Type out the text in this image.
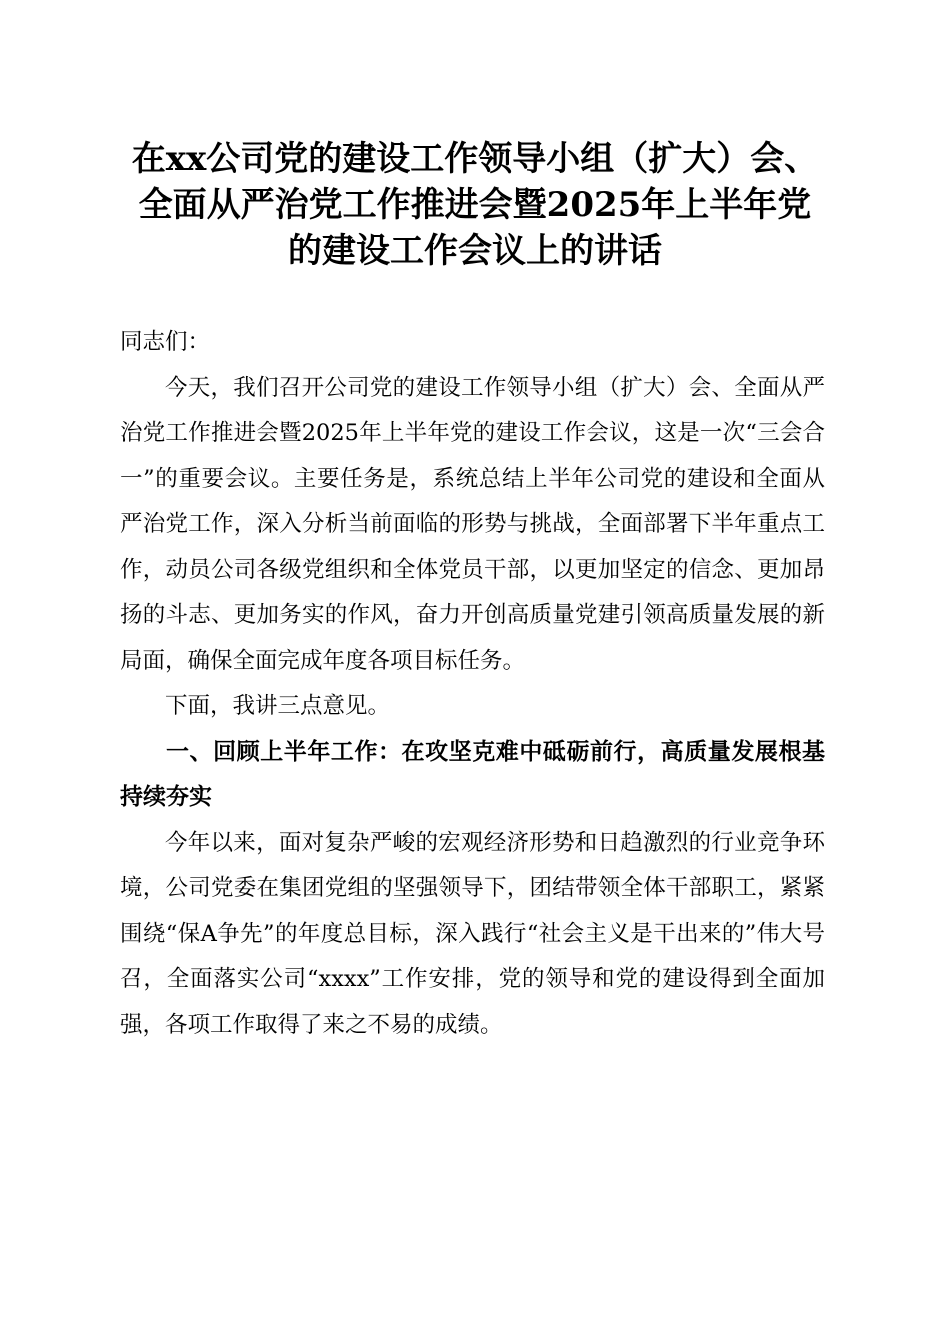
在xx公司党的建设工作领导小组（扩大）会、
全面从严治党工作推进会暨2025年上半年党
的建设工作会议上的讲话

同志们：

今天，我们召开公司党的建设工作领导小组（扩大）会、全面从严治党工作推进会暨2025年上半年党的建设工作会议，这是一次“三会合一”的重要会议。主要任务是，系统总结上半年公司党的建设和全面从严治党工作，深入分析当前面临的形势与挑战，全面部署下半年重点工作，动员公司各级党组织和全体党员干部，以更加坚定的信念、更加昂扬的斗志、更加务实的作风，奋力开创高质量党建引领高质量发展的新局面，确保全面完成年度各项目标任务。

下面，我讲三点意见。

一、回顾上半年工作：在攻坚克难中砥砺前行，高质量发展根基持续夯实

今年以来，面对复杂严峻的宏观经济形势和日趋激烈的行业竞争环境，公司党委在集团党组的坚强领导下，团结带领全体干部职工，紧紧围绕“保A争先”的年度总目标，深入践行“社会主义是干出来的”伟大号召，全面落实公司“xxxx”工作安排，党的领导和党的建设得到全面加强，各项工作取得了来之不易的成绩。
